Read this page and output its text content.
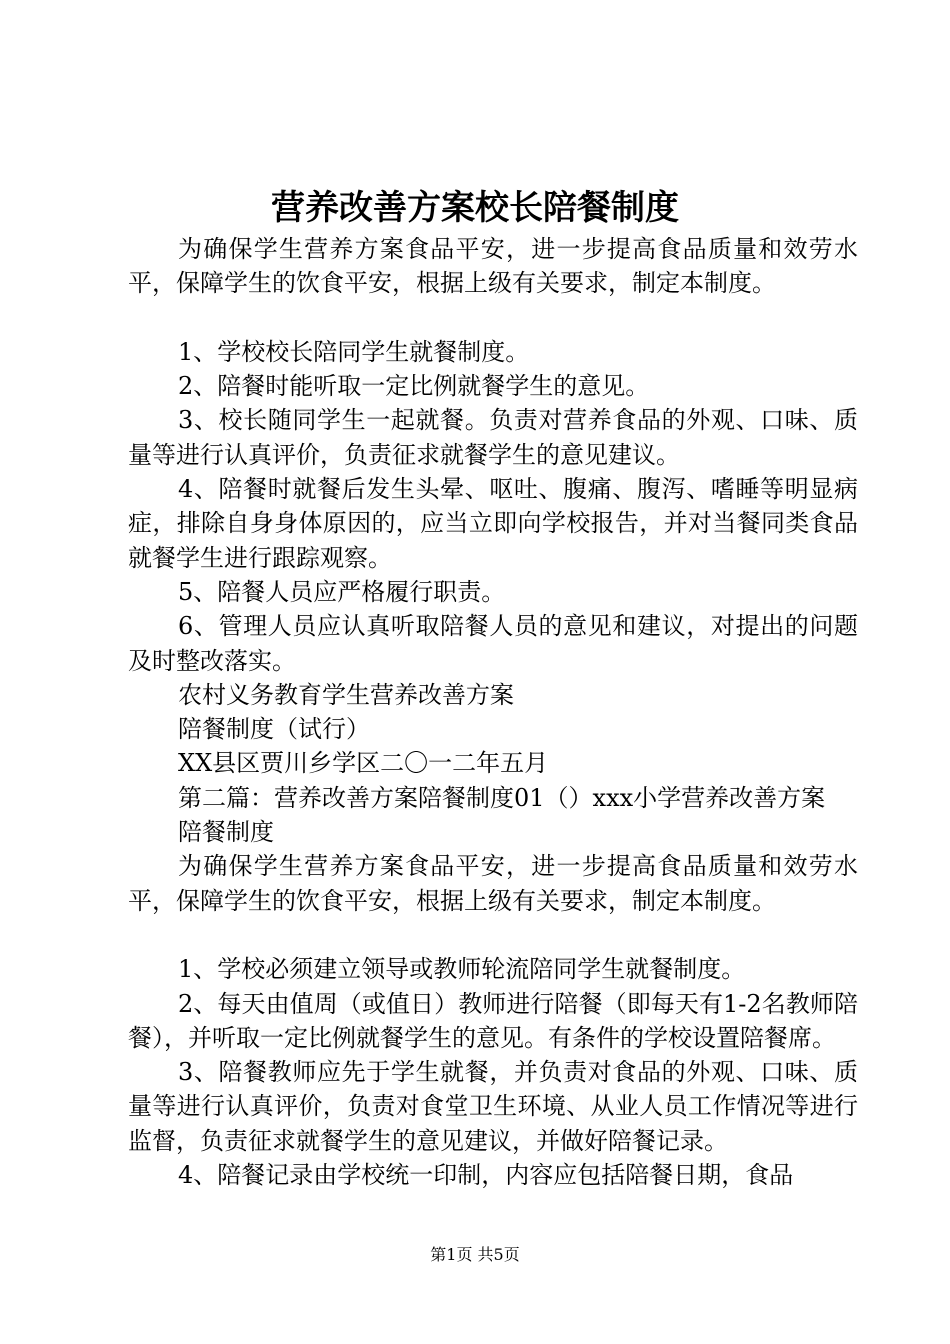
营养改善方案校长陪餐制度

为确保学生营养方案食品平安，进一步提高食品质量和效劳水平，保障学生的饮食平安，根据上级有关要求，制定本制度。

1、学校校长陪同学生就餐制度。

2、陪餐时能听取一定比例就餐学生的意见。

3、校长随同学生一起就餐。负责对营养食品的外观、口味、质量等进行认真评价，负责征求就餐学生的意见建议。

4、陪餐时就餐后发生头晕、呕吐、腹痛、腹泻、嗜睡等明显病症，排除自身身体原因的，应当立即向学校报告，并对当餐同类食品就餐学生进行跟踪观察。

5、陪餐人员应严格履行职责。

6、管理人员应认真听取陪餐人员的意见和建议，对提出的问题及时整改落实。

农村义务教育学生营养改善方案

陪餐制度（试行）

XX县区贾川乡学区二〇一二年五月

第二篇：营养改善方案陪餐制度01（）xxx小学营养改善方案

陪餐制度

为确保学生营养方案食品平安，进一步提高食品质量和效劳水平，保障学生的饮食平安，根据上级有关要求，制定本制度。

1、学校必须建立领导或教师轮流陪同学生就餐制度。

2、每天由值周（或值日）教师进行陪餐（即每天有1-2名教师陪餐），并听取一定比例就餐学生的意见。有条件的学校设置陪餐席。

3、陪餐教师应先于学生就餐，并负责对食品的外观、口味、质量等进行认真评价，负责对食堂卫生环境、从业人员工作情况等进行监督，负责征求就餐学生的意见建议，并做好陪餐记录。

4、陪餐记录由学校统一印制，内容应包括陪餐日期，食品

第1页 共5页
